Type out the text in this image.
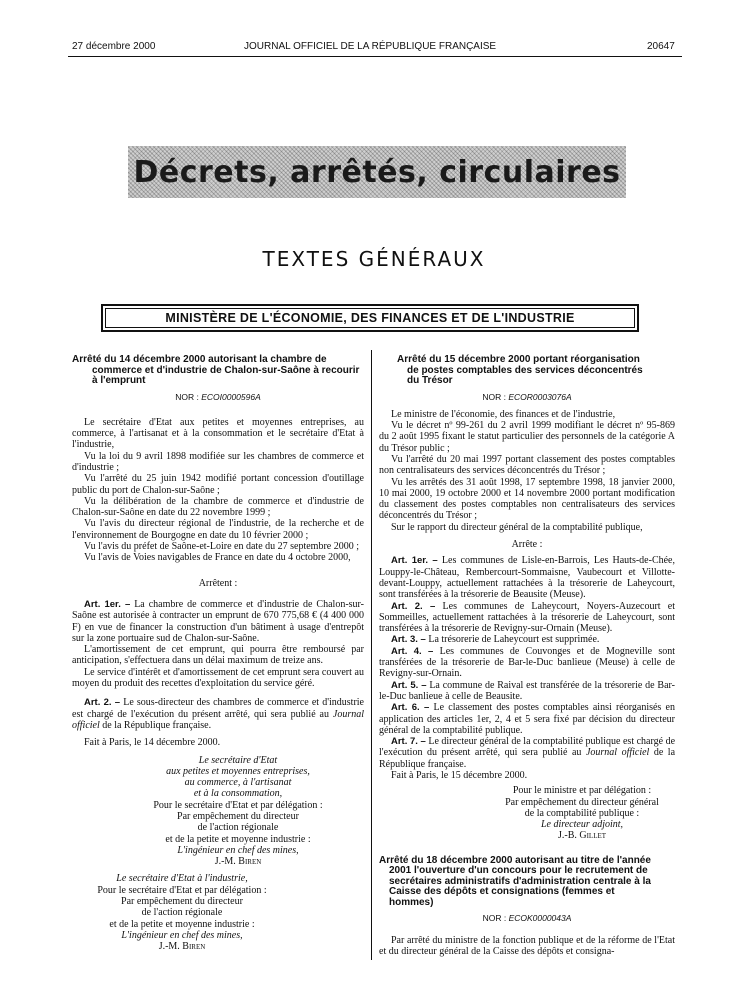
27 décembre 2000	JOURNAL OFFICIEL DE LA RÉPUBLIQUE FRANÇAISE	20647
Décrets, arrêtés, circulaires
TEXTES GÉNÉRAUX
MINISTÈRE DE L'ÉCONOMIE, DES FINANCES ET DE L'INDUSTRIE
Arrêté du 14 décembre 2000 autorisant la chambre de
commerce et d'industrie de Chalon-sur-Saône à recourir
à l'emprunt
NOR : ECOI0000596A

Le secrétaire d'Etat aux petites et moyennes entreprises, au commerce, à l'artisanat et à la consommation et le secrétaire d'Etat à l'industrie,

Vu la loi du 9 avril 1898 modifiée sur les chambres de commerce et d'industrie ;

Vu l'arrêté du 25 juin 1942 modifié portant concession d'outillage public du port de Chalon-sur-Saône ;

Vu la délibération de la chambre de commerce et d'industrie de Chalon-sur-Saône en date du 22 novembre 1999 ;

Vu l'avis du directeur régional de l'industrie, de la recherche et de l'environnement de Bourgogne en date du 10 février 2000 ;

Vu l'avis du préfet de Saône-et-Loire en date du 27 septembre 2000 ;

Vu l'avis de Voies navigables de France en date du 4 octobre 2000,

Arrêtent :

Art. 1er. – La chambre de commerce et d'industrie de Chalon-sur-Saône est autorisée à contracter un emprunt de 670 775,68 € (4 400 000 F) en vue de financer la construction d'un bâtiment à usage d'entrepôt sur la zone portuaire sud de Chalon-sur-Saône.

L'amortissement de cet emprunt, qui pourra être remboursé par anticipation, s'effectuera dans un délai maximum de treize ans.

Le service d'intérêt et d'amortissement de cet emprunt sera couvert au moyen du produit des recettes d'exploitation du service géré.

Art. 2. – Le sous-directeur des chambres de commerce et d'industrie est chargé de l'exécution du présent arrêté, qui sera publié au Journal officiel de la République française.

Fait à Paris, le 14 décembre 2000.

Le secrétaire d'Etat
aux petites et moyennes entreprises,
au commerce, à l'artisanat
et à la consommation,
Pour le secrétaire d'Etat et par délégation :
Par empêchement du directeur
de l'action régionale
et de la petite et moyenne industrie :
L'ingénieur en chef des mines,
J.-M. Biren
Le secrétaire d'Etat à l'industrie,
Pour le secrétaire d'Etat et par délégation :
Par empêchement du directeur
de l'action régionale
et de la petite et moyenne industrie :
L'ingénieur en chef des mines,
J.-M. Biren
Arrêté du 15 décembre 2000 portant réorganisation
de postes comptables des services déconcentrés
du Trésor
NOR : ECOR0003076A

Le ministre de l'économie, des finances et de l'industrie,

Vu le décret nº 99-261 du 2 avril 1999 modifiant le décret nº 95-869 du 2 août 1995 fixant le statut particulier des personnels de la catégorie A du Trésor public ;

Vu l'arrêté du 20 mai 1997 portant classement des postes comptables non centralisateurs des services déconcentrés du Trésor ;

Vu les arrêtés des 31 août 1998, 17 septembre 1998, 18 janvier 2000, 10 mai 2000, 19 octobre 2000 et 14 novembre 2000 portant modification du classement des postes comptables non centralisateurs des services déconcentrés du Trésor ;

Sur le rapport du directeur général de la comptabilité publique,

Arrête :

Art. 1er. – Les communes de Lisle-en-Barrois, Les Hauts-de-Chée, Louppy-le-Château, Rembercourt-Sommaisne, Vaubecourt et Villotte-devant-Louppy, actuellement rattachées à la trésorerie de Laheycourt, sont transférées à la trésorerie de Beausite (Meuse).

Art. 2. – Les communes de Laheycourt, Noyers-Auzecourt et Sommeilles, actuellement rattachées à la trésorerie de Laheycourt, sont transférées à la trésorerie de Revigny-sur-Ornain (Meuse).

Art. 3. – La trésorerie de Laheycourt est supprimée.

Art. 4. – Les communes de Couvonges et de Mogneville sont transférées de la trésorerie de Bar-le-Duc banlieue (Meuse) à celle de Revigny-sur-Ornain.

Art. 5. – La commune de Raival est transférée de la trésorerie de Bar-le-Duc banlieue à celle de Beausite.

Art. 6. – Le classement des postes comptables ainsi réorganisés en application des articles 1er, 2, 4 et 5 sera fixé par décision du directeur général de la comptabilité publique.

Art. 7. – Le directeur général de la comptabilité publique est chargé de l'exécution du présent arrêté, qui sera publié au Journal officiel de la République française.

Fait à Paris, le 15 décembre 2000.

Pour le ministre et par délégation :
Par empêchement du directeur général
de la comptabilité publique :
Le directeur adjoint,
J.-B. Gillet
Arrêté du 18 décembre 2000 autorisant au titre de l'année
2001 l'ouverture d'un concours pour le recrutement de
secrétaires administratifs d'administration centrale à la
Caisse des dépôts et consignations (femmes et
hommes)
NOR : ECOK0000043A

Par arrêté du ministre de la fonction publique et de la réforme de l'Etat et du directeur général de la Caisse des dépôts et consigna-
